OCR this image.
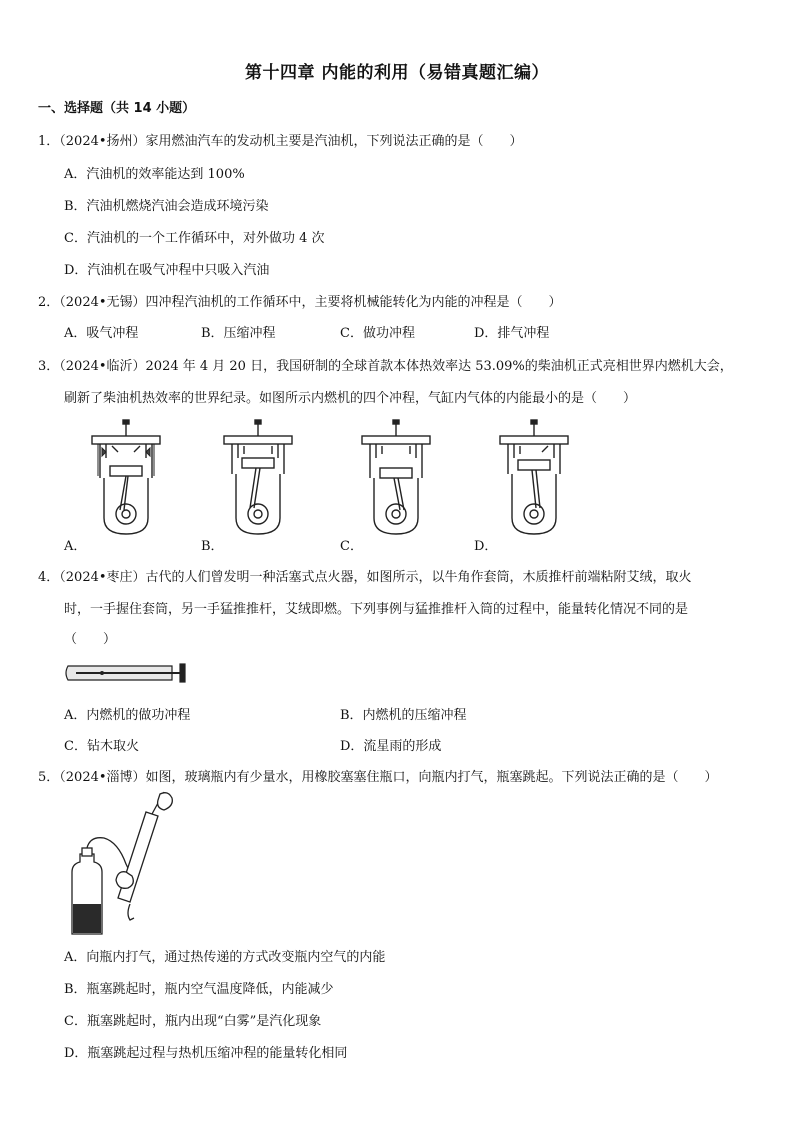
第十四章 内能的利用（易错真题汇编）
一、选择题（共 14 小题）
1．（2024•扬州）家用燃油汽车的发动机主要是汽油机，下列说法正确的是（　　）
A．汽油机的效率能达到 100%
B．汽油机燃烧汽油会造成环境污染
C．汽油机的一个工作循环中，对外做功 4 次
D．汽油机在吸气冲程中只吸入汽油
2．（2024•无锡）四冲程汽油机的工作循环中，主要将机械能转化为内能的冲程是（　　）
A．吸气冲程	B．压缩冲程	C．做功冲程	D．排气冲程
3．（2024•临沂）2024 年 4 月 20 日，我国研制的全球首款本体热效率达 53.09%的柴油机正式亮相世界内燃机大会，
刷新了柴油机热效率的世界纪录。如图所示内燃机的四个冲程，气缸内气体的内能最小的是（　　）
A．	B．	C．	D．
4．（2024•枣庄）古代的人们曾发明一种活塞式点火器，如图所示，以牛角作套筒，木质推杆前端粘附艾绒，取火
时，一手握住套筒，另一手猛推推杆，艾绒即燃。下列事例与猛推推杆入筒的过程中，能量转化情况不同的是
（　　）
A．内燃机的做功冲程	B．内燃机的压缩冲程
C．钻木取火	D．流星雨的形成
5．（2024•淄博）如图，玻璃瓶内有少量水，用橡胶塞塞住瓶口，向瓶内打气，瓶塞跳起。下列说法正确的是（　　）
A．向瓶内打气，通过热传递的方式改变瓶内空气的内能
B．瓶塞跳起时，瓶内空气温度降低，内能减少
C．瓶塞跳起时，瓶内出现“白雾”是汽化现象
D．瓶塞跳起过程与热机压缩冲程的能量转化相同
